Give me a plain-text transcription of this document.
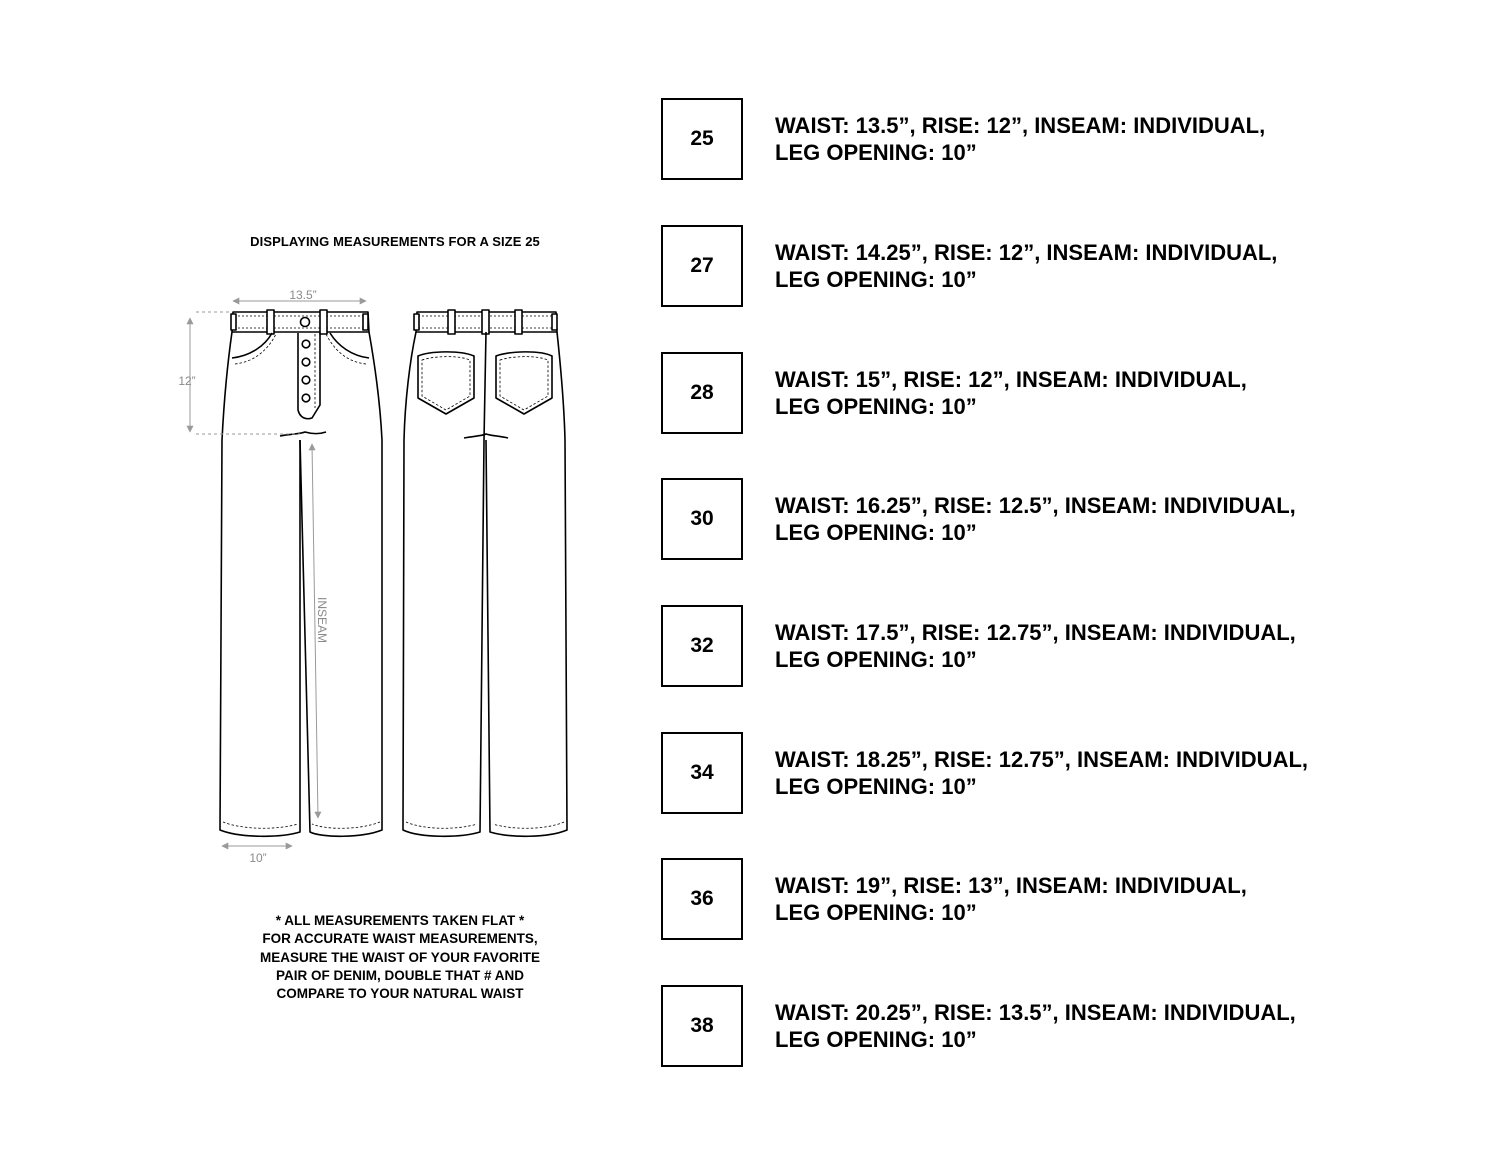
DISPLAYING MEASUREMENTS FOR A SIZE 25
13.5”
12”
INSEAM
10”
* ALL MEASUREMENTS TAKEN FLAT *
FOR ACCURATE WAIST MEASUREMENTS,
MEASURE THE WAIST OF YOUR FAVORITE
PAIR OF DENIM, DOUBLE THAT # AND
COMPARE TO YOUR NATURAL WAIST
25
WAIST: 13.5”, RISE: 12”, INSEAM: INDIVIDUAL,
LEG OPENING: 10”
27
WAIST: 14.25”, RISE: 12”, INSEAM: INDIVIDUAL,
LEG OPENING: 10”
28
WAIST: 15”, RISE: 12”, INSEAM: INDIVIDUAL,
LEG OPENING: 10”
30
WAIST: 16.25”, RISE: 12.5”, INSEAM: INDIVIDUAL,
LEG OPENING: 10”
32
WAIST: 17.5”, RISE: 12.75”, INSEAM: INDIVIDUAL,
LEG OPENING: 10”
34
WAIST: 18.25”, RISE: 12.75”, INSEAM: INDIVIDUAL,
LEG OPENING: 10”
36
WAIST: 19”, RISE: 13”, INSEAM: INDIVIDUAL,
LEG OPENING: 10”
38
WAIST: 20.25”, RISE: 13.5”, INSEAM: INDIVIDUAL,
LEG OPENING: 10”
